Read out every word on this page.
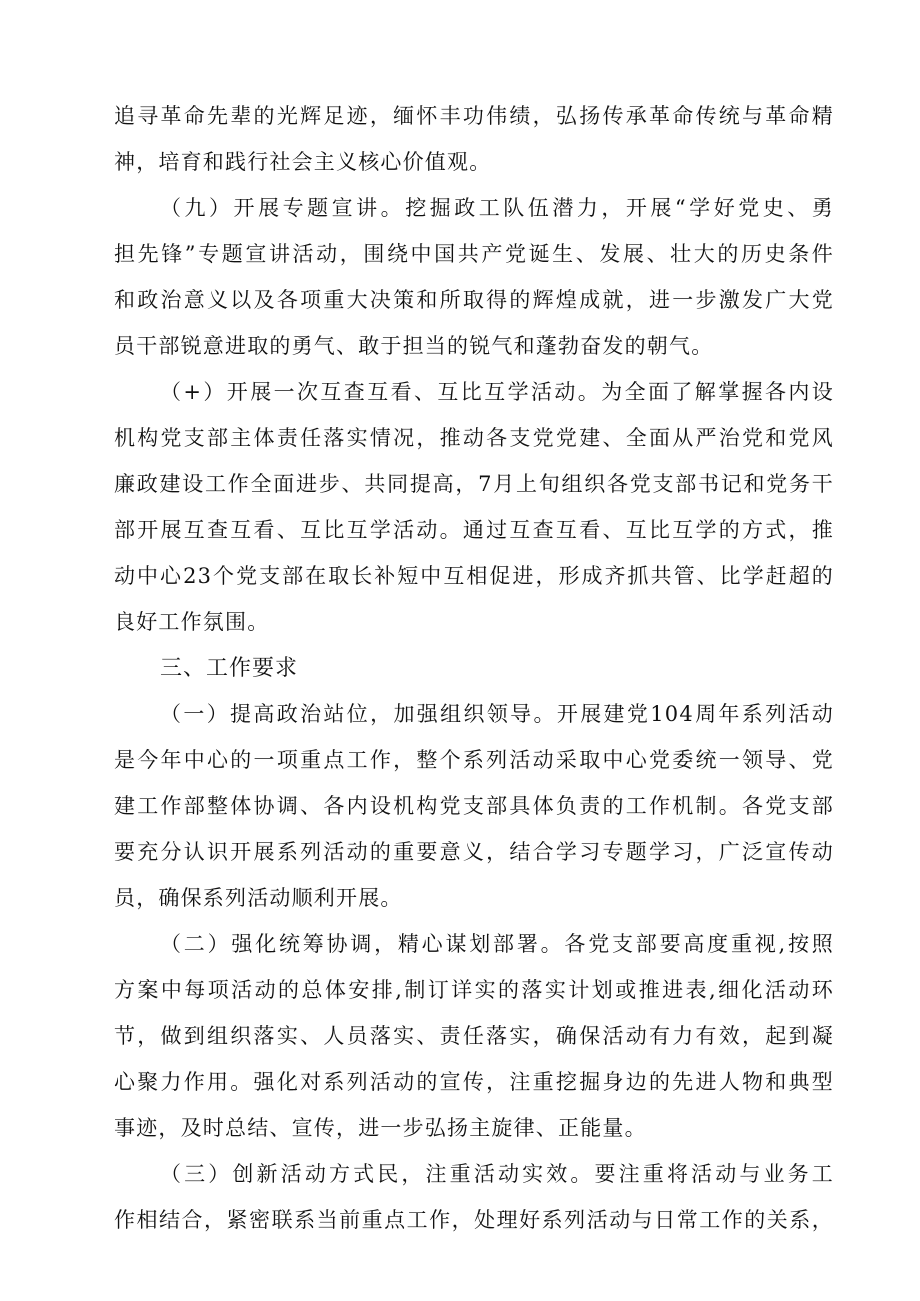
追寻革命先辈的光辉足迹，缅怀丰功伟绩，弘扬传承革命传统与革命精
神，培育和践行社会主义核心价值观。
（九）开展专题宣讲。挖掘政工队伍潜力，开展“学好党史、勇
担先锋”专题宣讲活动，围绕中国共产党诞生、发展、壮大的历史条件
和政治意义以及各项重大决策和所取得的辉煌成就，进一步激发广大党
员干部锐意进取的勇气、敢于担当的锐气和蓬勃奋发的朝气。
（+）开展一次互查互看、互比互学活动。为全面了解掌握各内设
机构党支部主体责任落实情况，推动各支党党建、全面从严治党和党风
廉政建设工作全面进步、共同提高，7月上旬组织各党支部书记和党务干
部开展互查互看、互比互学活动。通过互查互看、互比互学的方式，推
动中心23个党支部在取长补短中互相促进，形成齐抓共管、比学赶超的
良好工作氛围。
三、工作要求
（一）提高政治站位，加强组织领导。开展建党104周年系列活动
是今年中心的一项重点工作，整个系列活动采取中心党委统一领导、党
建工作部整体协调、各内设机构党支部具体负责的工作机制。各党支部
要充分认识开展系列活动的重要意义，结合学习专题学习，广泛宣传动
员，确保系列活动顺利开展。
（二）强化统筹协调，精心谋划部署。各党支部要高度重视,按照
方案中每项活动的总体安排,制订详实的落实计划或推进表,细化活动环
节，做到组织落实、人员落实、责任落实，确保活动有力有效，起到凝
心聚力作用。强化对系列活动的宣传，注重挖掘身边的先进人物和典型
事迹，及时总结、宣传，进一步弘扬主旋律、正能量。
（三）创新活动方式民，注重活动实效。要注重将活动与业务工
作相结合，紧密联系当前重点工作，处理好系列活动与日常工作的关系，
